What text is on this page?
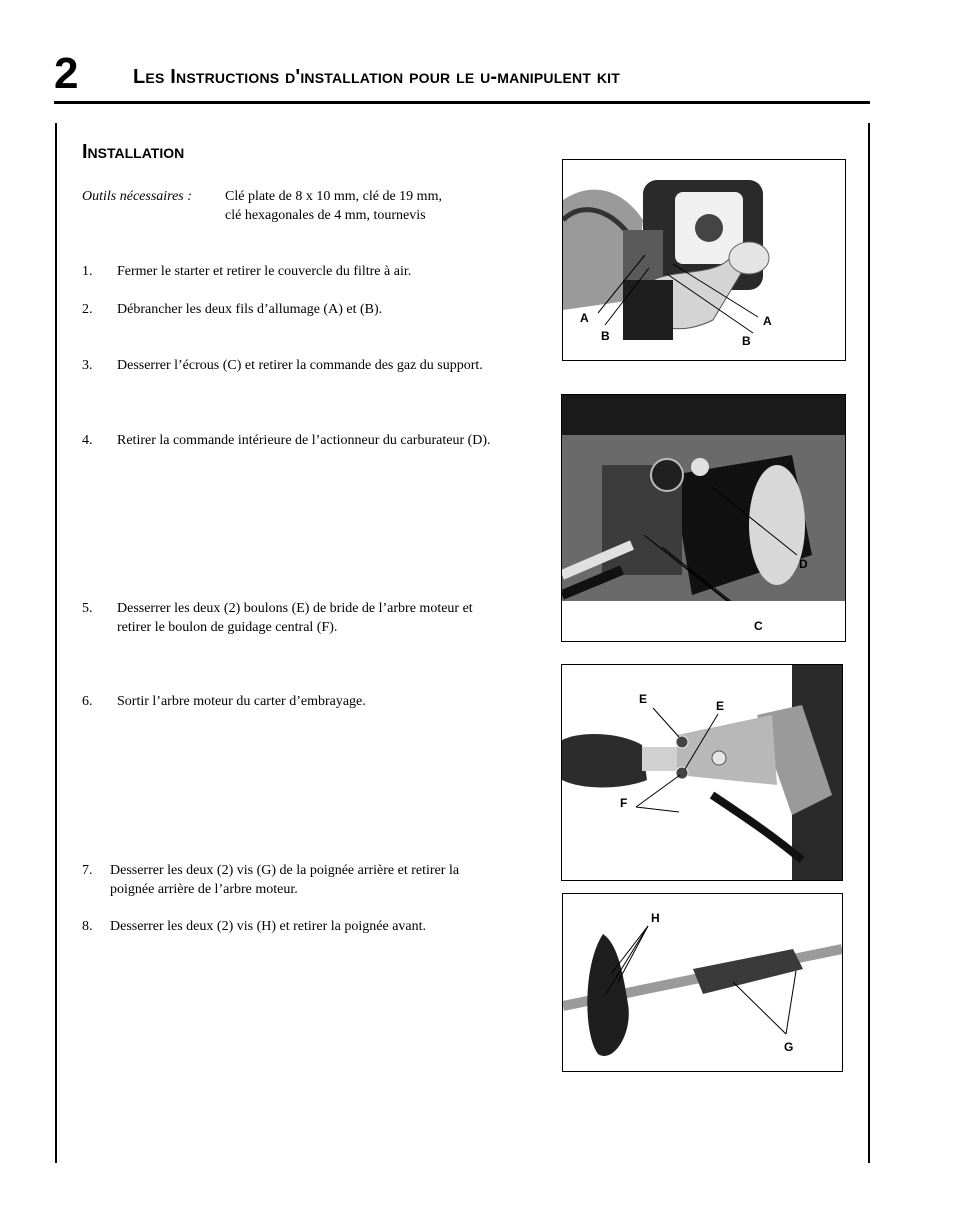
2	Les Instructions d'installation pour le u-manipulent kit
Installation
Outils nécessaires : Clé plate de 8 x 10 mm, clé de 19 mm,
clé hexagonales de 4 mm, tournevis
1. Fermer le starter et retirer le couvercle du filtre à air.
2. Débrancher les deux fils d’allumage (A) et (B).
3. Desserrer l’écrous (C) et retirer la commande des gaz du support.
4. Retirer la commande intérieure de l’actionneur du carburateur (D).
5. Desserrer les deux (2) boulons (E) de bride de l’arbre moteur et
retirer le boulon de guidage central (F).
6. Sortir l’arbre moteur du carter d’embrayage.
7. Desserrer les deux (2) vis (G) de la poignée arrière et retirer la
poignée arrière de l’arbre moteur.
8. Desserrer les deux (2) vis (H) et retirer la poignée avant.
A
B
A
B
D
C
E	E
F
H
G
